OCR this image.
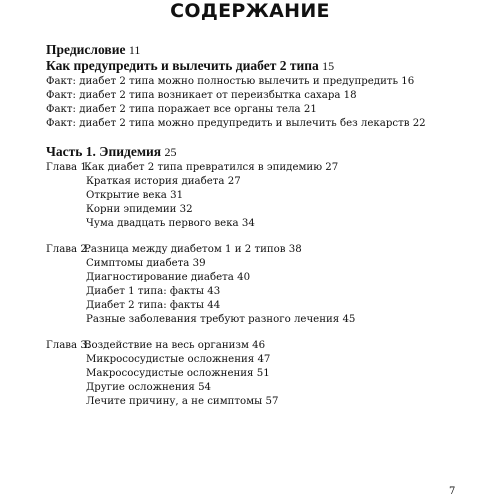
СОДЕРЖАНИЕ
Предисловие 11
Как предупредить и вылечить диабет 2 типа 15
Факт: диабет 2 типа можно полностью вылечить и предупредить 16
Факт: диабет 2 типа возникает от переизбытка сахара 18
Факт: диабет 2 типа поражает все органы тела 21
Факт: диабет 2 типа можно предупредить и вылечить без лекарств 22
Часть 1. Эпидемия 25
Глава 1.Как диабет 2 типа превратился в эпидемию 27
Краткая история диабета 27
Открытие века 31
Корни эпидемии 32
Чума двадцать первого века 34
Глава 2.Разница между диабетом 1 и 2 типов 38
Симптомы диабета 39
Диагностирование диабета 40
Диабет 1 типа: факты 43
Диабет 2 типа: факты 44
Разные заболевания требуют разного лечения 45
Глава 3.Воздействие на весь организм 46
Микрососудистые осложнения 47
Макрососудистые осложнения 51
Другие осложнения 54
Лечите причину, а не симптомы 57
7
